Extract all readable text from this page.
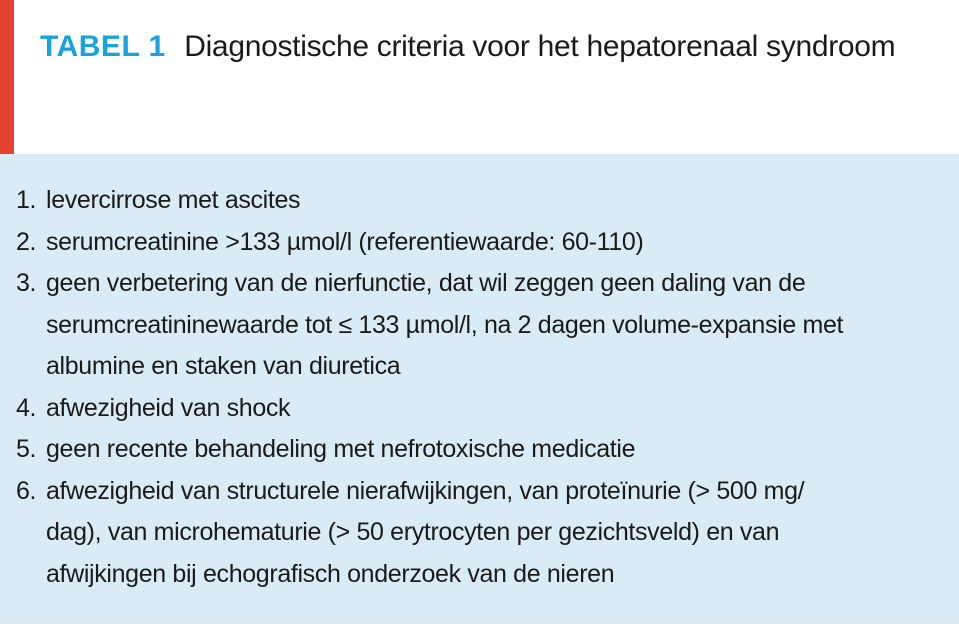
TABEL 1 Diagnostische criteria voor het hepatorenaal syndroom
1. levercirrose met ascites
2. serumcreatinine >133 µmol/l (referentiewaarde: 60-110)
3. geen verbetering van de nierfunctie, dat wil zeggen geen daling van de
serumcreatininewaarde tot ≤ 133 µmol/l, na 2 dagen volume-expansie met
albumine en staken van diuretica
4. afwezigheid van shock
5. geen recente behandeling met nefrotoxische medicatie
6. afwezigheid van structurele nierafwijkingen, van proteïnurie (> 500 mg/
dag), van microhematurie (> 50 erytrocyten per gezichtsveld) en van
afwijkingen bij echografisch onderzoek van de nieren
